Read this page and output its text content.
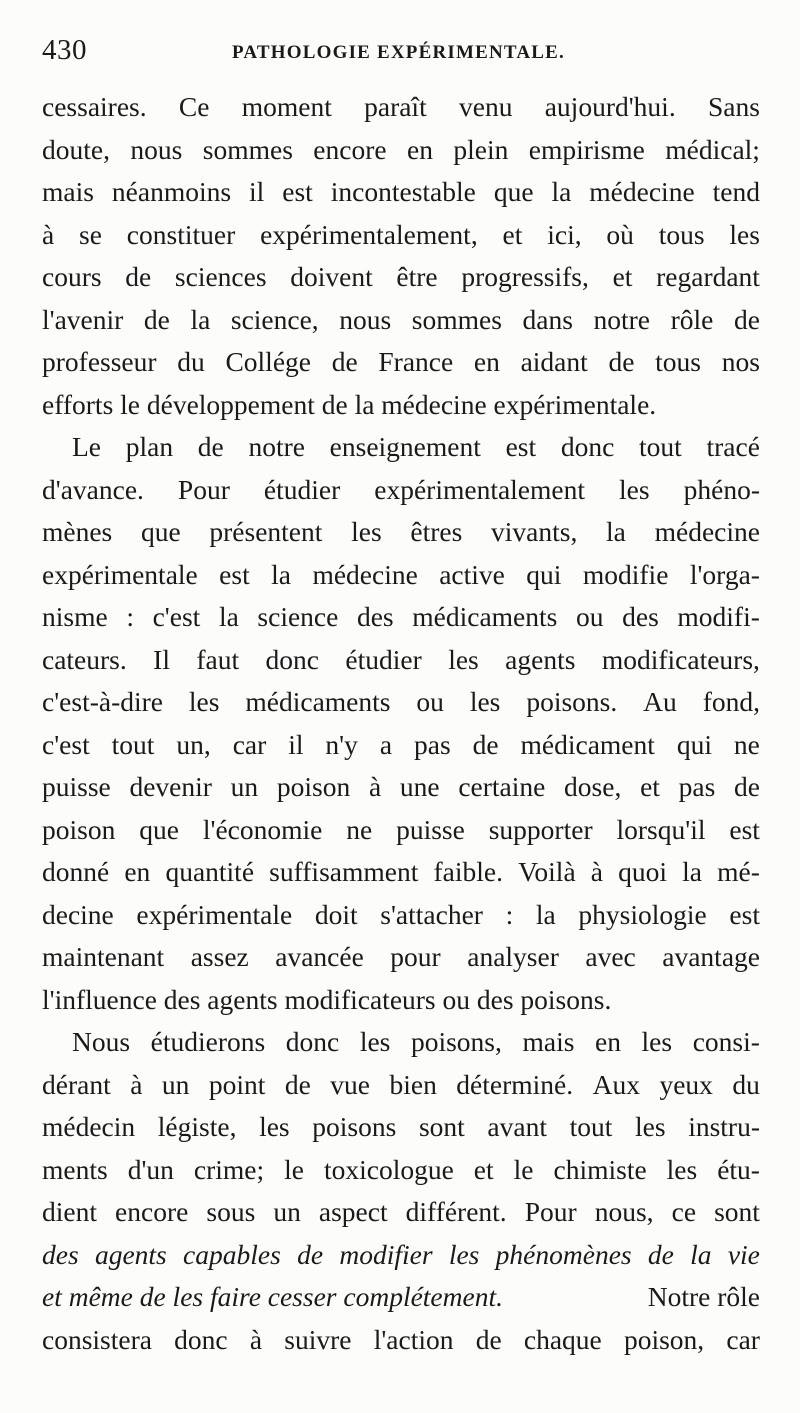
430	PATHOLOGIE EXPÉRIMENTALE.
cessaires. Ce moment paraît venu aujourd'hui. Sans
doute, nous sommes encore en plein empirisme médical;
mais néanmoins il est incontestable que la médecine tend
à se constituer expérimentalement, et ici, où tous les
cours de sciences doivent être progressifs, et regardant
l'avenir de la science, nous sommes dans notre rôle de
professeur du Collége de France en aidant de tous nos
efforts le développement de la médecine expérimentale.
Le plan de notre enseignement est donc tout tracé
d'avance. Pour étudier expérimentalement les phéno-
mènes que présentent les êtres vivants, la médecine
expérimentale est la médecine active qui modifie l'orga-
nisme : c'est la science des médicaments ou des modifi-
cateurs. Il faut donc étudier les agents modificateurs,
c'est-à-dire les médicaments ou les poisons. Au fond,
c'est tout un, car il n'y a pas de médicament qui ne
puisse devenir un poison à une certaine dose, et pas de
poison que l'économie ne puisse supporter lorsqu'il est
donné en quantité suffisamment faible. Voilà à quoi la mé-
decine expérimentale doit s'attacher : la physiologie est
maintenant assez avancée pour analyser avec avantage
l'influence des agents modificateurs ou des poisons.
Nous étudierons donc les poisons, mais en les consi-
dérant à un point de vue bien déterminé. Aux yeux du
médecin légiste, les poisons sont avant tout les instru-
ments d'un crime; le toxicologue et le chimiste les étu-
dient encore sous un aspect différent. Pour nous, ce sont
des agents capables de modifier les phénomènes de la vie
et même de les faire cesser complétement.	Notre rôle
consistera donc à suivre l'action de chaque poison, car
